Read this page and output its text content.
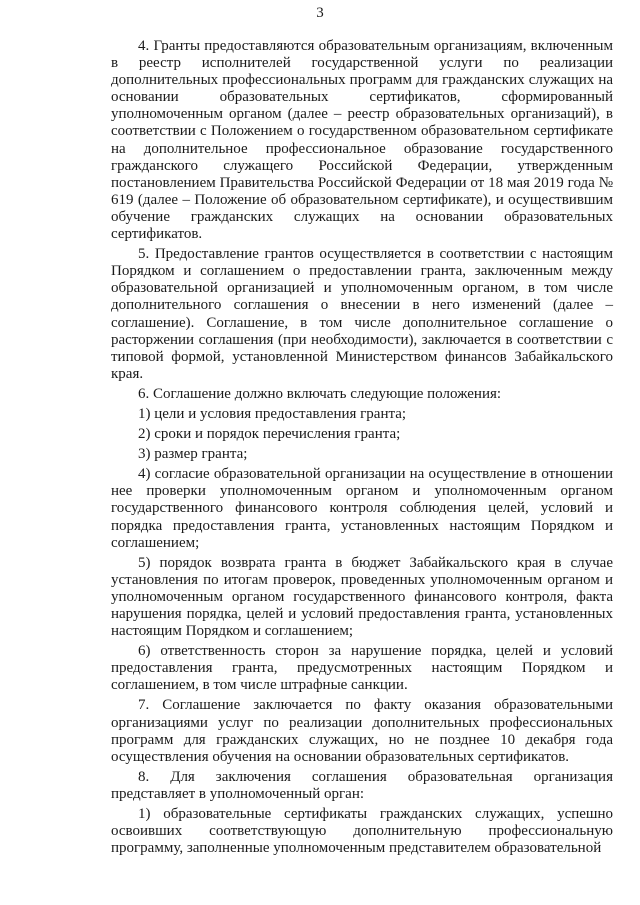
3

4. Гранты предоставляются образовательным организациям, включенным в реестр исполнителей государственной услуги по реализации дополнительных профессиональных программ для гражданских служащих на основании образовательных сертификатов, сформированный уполномоченным органом (далее – реестр образовательных организаций), в соответствии с Положением о государственном образовательном сертификате на дополнительное профессиональное образование государственного гражданского служащего Российской Федерации, утвержденным постановлением Правительства Российской Федерации от 18 мая 2019 года № 619 (далее – Положение об образовательном сертификате), и осуществившим обучение гражданских служащих на основании образовательных сертификатов.

5. Предоставление грантов осуществляется в соответствии с настоящим Порядком и соглашением о предоставлении гранта, заключенным между образовательной организацией и уполномоченным органом, в том числе дополнительного соглашения о внесении в него изменений (далее – соглашение). Соглашение, в том числе дополнительное соглашение о расторжении соглашения (при необходимости), заключается в соответствии с типовой формой, установленной Министерством финансов Забайкальского края.

6. Соглашение должно включать следующие положения:

1) цели и условия предоставления гранта;

2) сроки и порядок перечисления гранта;

3) размер гранта;

4) согласие образовательной организации на осуществление в отношении нее проверки уполномоченным органом и уполномоченным органом государственного финансового контроля соблюдения целей, условий и порядка предоставления гранта, установленных настоящим Порядком и соглашением;

5) порядок возврата гранта в бюджет Забайкальского края в случае установления по итогам проверок, проведенных уполномоченным органом и уполномоченным органом государственного финансового контроля, факта нарушения порядка, целей и условий предоставления гранта, установленных настоящим Порядком и соглашением;

6) ответственность сторон за нарушение порядка, целей и условий предоставления гранта, предусмотренных настоящим Порядком и соглашением, в том числе штрафные санкции.

7. Соглашение заключается по факту оказания образовательными организациями услуг по реализации дополнительных профессиональных программ для гражданских служащих, но не позднее 10 декабря года осуществления обучения на основании образовательных сертификатов.

8. Для заключения соглашения образовательная организация представляет в уполномоченный орган:

1) образовательные сертификаты гражданских служащих, успешно освоивших соответствующую дополнительную профессиональную программу, заполненные уполномоченным представителем образовательной
